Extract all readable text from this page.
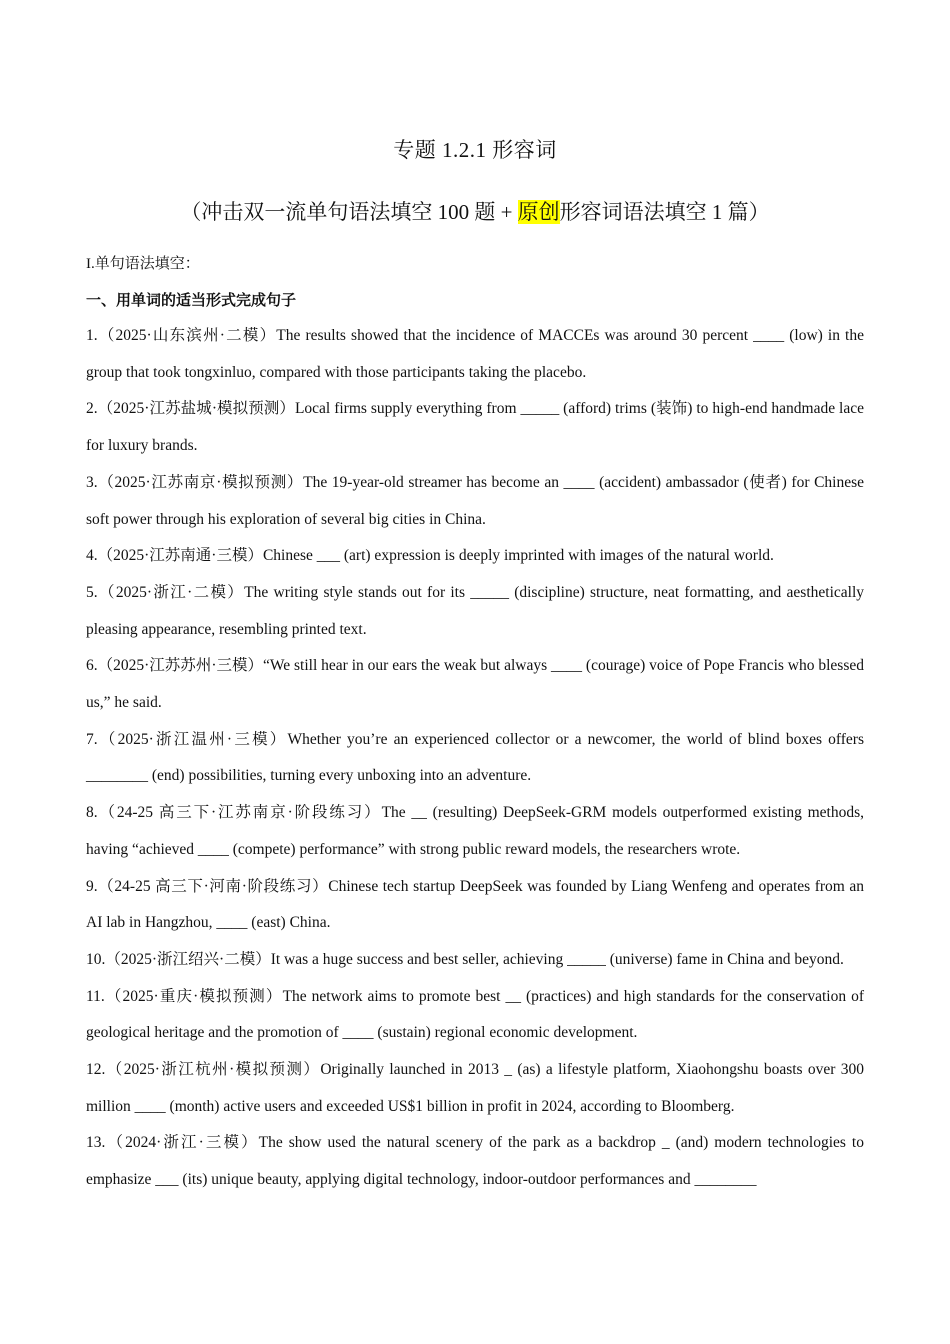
专题 1.2.1 形容词
（冲击双一流单句语法填空 100 题 + 原创形容词语法填空 1 篇）
I.单句语法填空：
一、用单词的适当形式完成句子
1.（2025·山东滨州·二模）The results showed that the incidence of MACCEs was around 30 percent ____ (low) in the group that took tongxinluo, compared with those participants taking the placebo.
2.（2025·江苏盐城·模拟预测）Local firms supply everything from _____ (afford) trims (装饰) to high-end handmade lace for luxury brands.
3.（2025·江苏南京·模拟预测）The 19-year-old streamer has become an ____ (accident) ambassador (使者) for Chinese soft power through his exploration of several big cities in China.
4.（2025·江苏南通·三模）Chinese ___ (art) expression is deeply imprinted with images of the natural world.
5.（2025·浙江·二模）The writing style stands out for its _____ (discipline) structure, neat formatting, and aesthetically pleasing appearance, resembling printed text.
6.（2025·江苏苏州·三模）“We still hear in our ears the weak but always ____ (courage) voice of Pope Francis who blessed us,” he said.
7.（2025·浙江温州·三模）Whether you’re an experienced collector or a newcomer, the world of blind boxes offers ________ (end) possibilities, turning every unboxing into an adventure.
8.（24-25 高三下·江苏南京·阶段练习）The __ (resulting) DeepSeek-GRM models outperformed existing methods, having “achieved ____ (compete) performance” with strong public reward models, the researchers wrote.
9.（24-25 高三下·河南·阶段练习）Chinese tech startup DeepSeek was founded by Liang Wenfeng and operates from an AI lab in Hangzhou, ____ (east) China.
10.（2025·浙江绍兴·二模）It was a huge success and best seller, achieving _____ (universe) fame in China and beyond.
11.（2025·重庆·模拟预测）The network aims to promote best __ (practices) and high standards for the conservation of geological heritage and the promotion of ____ (sustain) regional economic development.
12.（2025·浙江杭州·模拟预测）Originally launched in 2013 _ (as) a lifestyle platform, Xiaohongshu boasts over 300 million ____ (month) active users and exceeded US$1 billion in profit in 2024, according to Bloomberg.
13.（2024·浙江·三模）The show used the natural scenery of the park as a backdrop _ (and) modern technologies to emphasize ___ (its) unique beauty, applying digital technology, indoor-outdoor performances and ________
